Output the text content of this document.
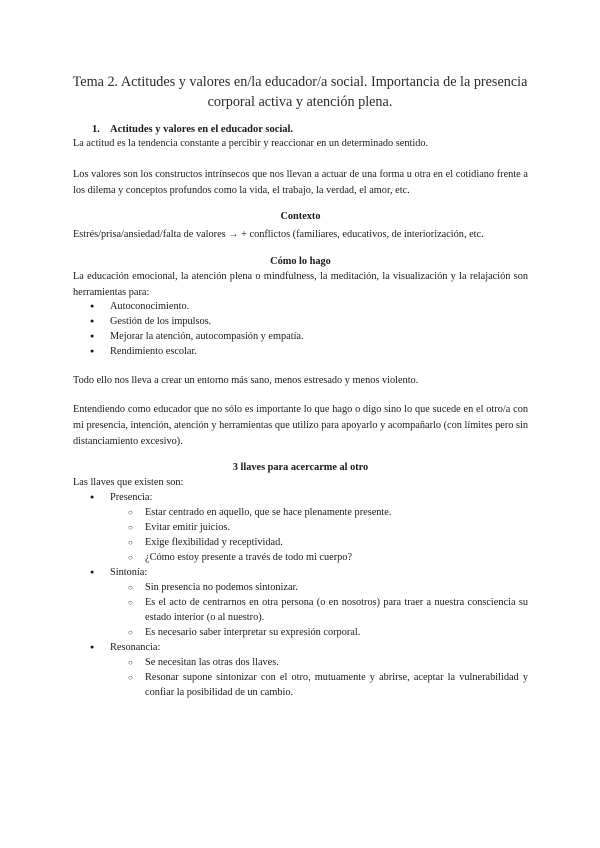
Tema 2. Actitudes y valores en/la educador/a social. Importancia de la presencia corporal activa y atención plena.
1. Actitudes y valores en el educador social.
La actitud es la tendencia constante a percibir y reaccionar en un determinado sentido.
Los valores son los constructos intrínsecos que nos llevan a actuar de una forma u otra en el cotidiano frente a los dilema y conceptos profundos como la vida, el trabajo, la verdad, el amor, etc.
Contexto
Estrés/prisa/ansiedad/falta de valores → + conflictos (familiares, educativos, de interiorización, etc.
Cómo lo hago
La educación emocional, la atención plena o mindfulness, la meditación, la visualización y la relajación son herramientas para:
● Autoconocimiento.
● Gestión de los impulsos.
● Mejorar la atención, autocompasión y empatía.
● Rendimiento escolar.
Todo ello nos lleva a crear un entorno más sano, menos estresado y menos violento.
Entendiendo como educador que no sólo es importante lo que hago o digo sino lo que sucede en el otro/a con mi presencia, intención, atención y herramientas que utilizo para apoyarlo y acompañarlo (con límites pero sin distanciamiento excesivo).
3 llaves para acercarme al otro
Las llaves que existen son:
● Presencia:
○ Estar centrado en aquello, que se hace plenamente presente.
○ Evitar emitir juicios.
○ Exige flexibilidad y receptividad.
○ ¿Cómo estoy presente a través de todo mi cuerpo?
● Sintonía:
○ Sin presencia no podemos sintonizar.
○ Es el acto de centrarnos en otra persona (o en nosotros) para traer a nuestra consciencia su estado interior (o al nuestro).
○ Es necesario saber interpretar su expresión corporal.
● Resonancia:
○ Se necesitan las otras dos llaves.
○ Resonar supone sintonizar con el otro, mutuamente y abrirse, aceptar la vulnerabilidad y confiar la posibilidad de un cambio.
